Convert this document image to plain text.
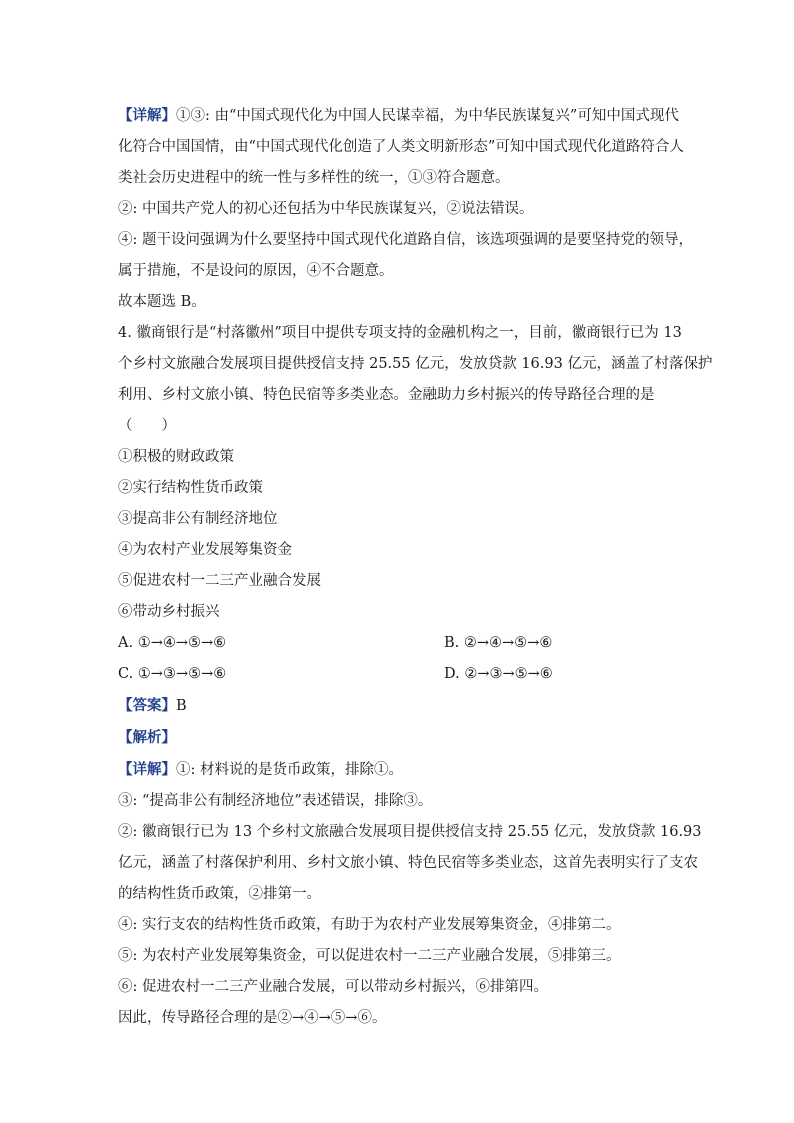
【详解】①③: 由“中国式现代化为中国人民谋幸福，为中华民族谋复兴”可知中国式现代

化符合中国国情，由“中国式现代化创造了人类文明新形态”可知中国式现代化道路符合人

类社会历史进程中的统一性与多样性的统一，①③符合题意。

②: 中国共产党人的初心还包括为中华民族谋复兴，②说法错误。

④: 题干设问强调为什么要坚持中国式现代化道路自信，该选项强调的是要坚持党的领导，

属于措施，不是设问的原因，④不合题意。

故本题选 B。

4. 徽商银行是“村落徽州”项目中提供专项支持的金融机构之一，目前，徽商银行已为 13

个乡村文旅融合发展项目提供授信支持 25.55 亿元，发放贷款 16.93 亿元，涵盖了村落保护

利用、乡村文旅小镇、特色民宿等多类业态。金融助力乡村振兴的传导路径合理的是

（　　）

①积极的财政政策

②实行结构性货币政策

③提高非公有制经济地位

④为农村产业发展筹集资金

⑤促进农村一二三产业融合发展

⑥带动乡村振兴

A. ①→④→⑤→⑥	B. ②→④→⑤→⑥
C. ①→③→⑤→⑥	D. ②→③→⑤→⑥

【答案】B

【解析】

【详解】①: 材料说的是货币政策，排除①。

③: “提高非公有制经济地位”表述错误，排除③。

②: 徽商银行已为 13 个乡村文旅融合发展项目提供授信支持 25.55 亿元，发放贷款 16.93

亿元，涵盖了村落保护利用、乡村文旅小镇、特色民宿等多类业态，这首先表明实行了支农

的结构性货币政策，②排第一。

④: 实行支农的结构性货币政策，有助于为农村产业发展筹集资金，④排第二。

⑤: 为农村产业发展筹集资金，可以促进农村一二三产业融合发展，⑤排第三。

⑥: 促进农村一二三产业融合发展，可以带动乡村振兴，⑥排第四。

因此，传导路径合理的是②→④→⑤→⑥。
